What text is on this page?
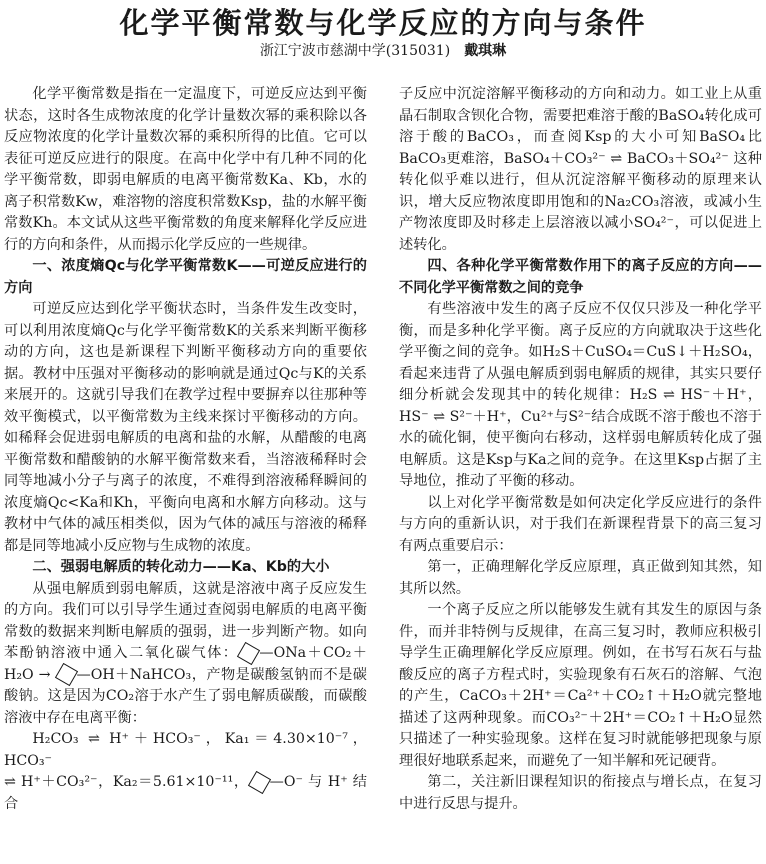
化学平衡常数与化学反应的方向与条件
浙江宁波市慈湖中学(315031) 戴琪琳

化学平衡常数是指在一定温度下，可逆反应达到平衡状态，这时各生成物浓度的化学计量数次幂的乘积除以各反应物浓度的化学计量数次幂的乘积所得的比值。它可以表征可逆反应进行的限度。在高中化学中有几种不同的化学平衡常数，即弱电解质的电离平衡常数Ka、Kb，水的离子积常数Kw，难溶物的溶度积常数Ksp，盐的水解平衡常数Kh。本文试从这些平衡常数的角度来解释化学反应进行的方向和条件，从而揭示化学反应的一些规律。

一、浓度熵Qc与化学平衡常数K——可逆反应进行的方向

可逆反应达到化学平衡状态时，当条件发生改变时，可以利用浓度熵Qc与化学平衡常数K的关系来判断平衡移动的方向，这也是新课程下判断平衡移动方向的重要依据。教材中压强对平衡移动的影响就是通过Qc与K的关系来展开的。这就引导我们在教学过程中要摒弃以往那种等效平衡模式，以平衡常数为主线来探讨平衡移动的方向。如稀释会促进弱电解质的电离和盐的水解，从醋酸的电离平衡常数和醋酸钠的水解平衡常数来看，当溶液稀释时会同等地减小分子与离子的浓度，不难得到溶液稀释瞬间的浓度熵Qc<Ka和Kh，平衡向电离和水解方向移动。这与教材中气体的减压相类似，因为气体的减压与溶液的稀释都是同等地减小反应物与生成物的浓度。

二、强弱电解质的转化动力——Ka、Kb的大小

从强电解质到弱电解质，这就是溶液中离子反应发生的方向。我们可以引导学生通过查阅弱电解质的电离平衡常数的数据来判断电解质的强弱，进一步判断产物。如向苯酚钠溶液中通入二氧化碳气体： —ONa＋CO₂＋H₂O → —OH＋NaHCO₃，产物是碳酸氢钠而不是碳酸钠。这是因为CO₂溶于水产生了弱电解质碳酸，而碳酸溶液中存在电离平衡：

H₂CO₃ ⇌ H⁺＋HCO₃⁻，Ka₁＝4.30×10⁻⁷，HCO₃⁻

⇌ H⁺＋CO₃²⁻，Ka₂＝5.61×10⁻¹¹， —O⁻ 与 H⁺ 结合

子反应中沉淀溶解平衡移动的方向和动力。如工业上从重晶石制取含钡化合物，需要把难溶于酸的BaSO₄转化成可溶于酸的BaCO₃，而查阅Ksp的大小可知BaSO₄比BaCO₃更难溶，BaSO₄＋CO₃²⁻ ⇌ BaCO₃＋SO₄²⁻ 这种转化似乎难以进行，但从沉淀溶解平衡移动的原理来认识，增大反应物浓度即用饱和的Na₂CO₃溶液，或减小生产物浓度即及时移走上层溶液以减小SO₄²⁻，可以促进上述转化。

四、各种化学平衡常数作用下的离子反应的方向——不同化学平衡常数之间的竞争

有些溶液中发生的离子反应不仅仅只涉及一种化学平衡，而是多种化学平衡。离子反应的方向就取决于这些化学平衡之间的竞争。如H₂S＋CuSO₄＝CuS↓＋H₂SO₄，看起来违背了从强电解质到弱电解质的规律，其实只要仔细分析就会发现其中的转化规律：H₂S ⇌ HS⁻＋H⁺，HS⁻ ⇌ S²⁻＋H⁺，Cu²⁺与S²⁻结合成既不溶于酸也不溶于水的硫化铜，使平衡向右移动，这样弱电解质转化成了强电解质。这是Ksp与Ka之间的竞争。在这里Ksp占据了主导地位，推动了平衡的移动。

以上对化学平衡常数是如何决定化学反应进行的条件与方向的重新认识，对于我们在新课程背景下的高三复习有两点重要启示：

第一，正确理解化学反应原理，真正做到知其然，知其所以然。

一个离子反应之所以能够发生就有其发生的原因与条件，而并非特例与反规律，在高三复习时，教师应积极引导学生正确理解化学反应原理。例如，在书写石灰石与盐酸反应的离子方程式时，实验现象有石灰石的溶解、气泡的产生，CaCO₃＋2H⁺＝Ca²⁺＋CO₂↑＋H₂O就完整地描述了这两种现象。而CO₃²⁻＋2H⁺＝CO₂↑＋H₂O显然只描述了一种实验现象。这样在复习时就能够把现象与原理很好地联系起来，而避免了一知半解和死记硬背。

第二，关注新旧课程知识的衔接点与增长点，在复习中进行反思与提升。
